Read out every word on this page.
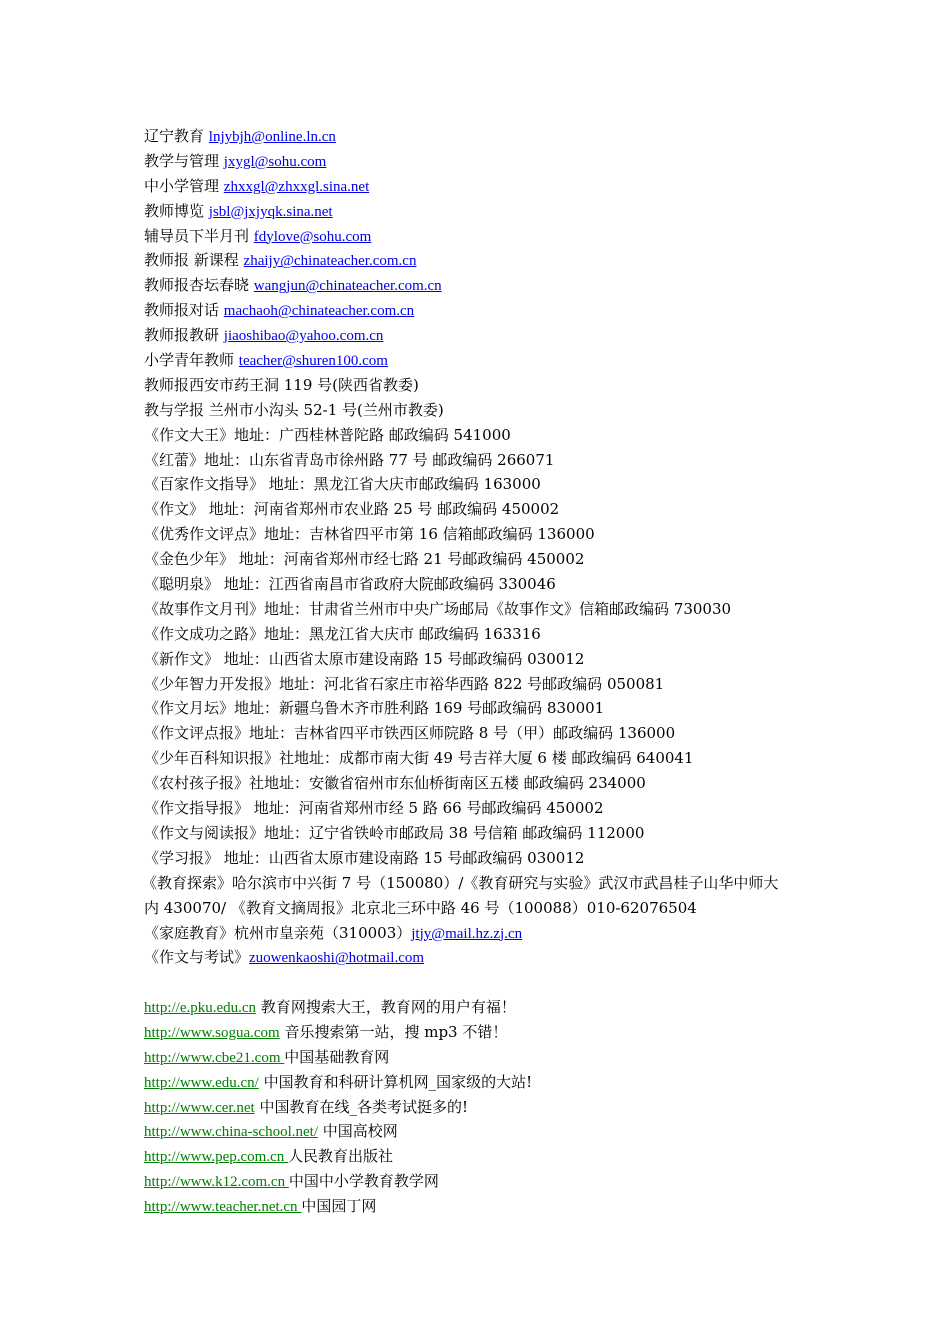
辽宁教育 lnjybjh@online.ln.cn
教学与管理 jxygl@sohu.com
中小学管理 zhxxgl@zhxxgl.sina.net
教师博览 jsbl@jxjyqk.sina.net
辅导员下半月刊 fdylove@sohu.com
教师报 新课程 zhaijy@chinateacher.com.cn
教师报杏坛春晓 wangjun@chinateacher.com.cn
教师报对话 machaoh@chinateacher.com.cn
教师报教研 jiaoshibao@yahoo.com.cn
小学青年教师 teacher@shuren100.com
教师报西安市药王洞 119 号(陕西省教委)
教与学报 兰州市小沟头 52-1 号(兰州市教委)
《作文大王》地址：广西桂林普陀路 邮政编码 541000
《红蕾》地址：山东省青岛市徐州路 77 号 邮政编码 266071
《百家作文指导》 地址：黑龙江省大庆市邮政编码 163000
《作文》 地址：河南省郑州市农业路 25 号 邮政编码 450002
《优秀作文评点》地址：吉林省四平市第 16 信箱邮政编码 136000
《金色少年》 地址：河南省郑州市经七路 21 号邮政编码 450002
《聪明泉》 地址：江西省南昌市省政府大院邮政编码 330046
《故事作文月刊》地址：甘肃省兰州市中央广场邮局《故事作文》信箱邮政编码 730030
《作文成功之路》地址：黑龙江省大庆市 邮政编码 163316
《新作文》 地址：山西省太原市建设南路 15 号邮政编码 030012
《少年智力开发报》地址：河北省石家庄市裕华西路 822 号邮政编码 050081
《作文月坛》地址：新疆乌鲁木齐市胜利路 169 号邮政编码 830001
《作文评点报》地址：吉林省四平市铁西区师院路 8 号（甲）邮政编码 136000
《少年百科知识报》社地址：成都市南大街 49 号吉祥大厦 6 楼 邮政编码 640041
《农村孩子报》社地址：安徽省宿州市东仙桥街南区五楼 邮政编码 234000
《作文指导报》 地址：河南省郑州市经 5 路 66 号邮政编码 450002
《作文与阅读报》地址：辽宁省铁岭市邮政局 38 号信箱 邮政编码 112000
《学习报》 地址：山西省太原市建设南路 15 号邮政编码 030012
《教育探索》哈尔滨市中兴街 7 号（150080）/《教育研究与实验》武汉市武昌桂子山华中师大
内 430070/ 《教育文摘周报》北京北三环中路 46 号（100088）010-62076504
《家庭教育》杭州市皇亲苑（310003）jtjy@mail.hz.zj.cn
《作文与考试》zuowenkaoshi@hotmail.com
http://e.pku.edu.cn 教育网搜索大王，教育网的用户有福！
http://www.sogua.com 音乐搜索第一站，搜 mp3 不错！
http://www.cbe21.com 中国基础教育网
http://www.edu.cn/ 中国教育和科研计算机网_国家级的大站!
http://www.cer.net 中国教育在线_各类考试挺多的!
http://www.china-school.net/ 中国高校网
http://www.pep.com.cn 人民教育出版社
http://www.k12.com.cn 中国中小学教育教学网
http://www.teacher.net.cn 中国园丁网
